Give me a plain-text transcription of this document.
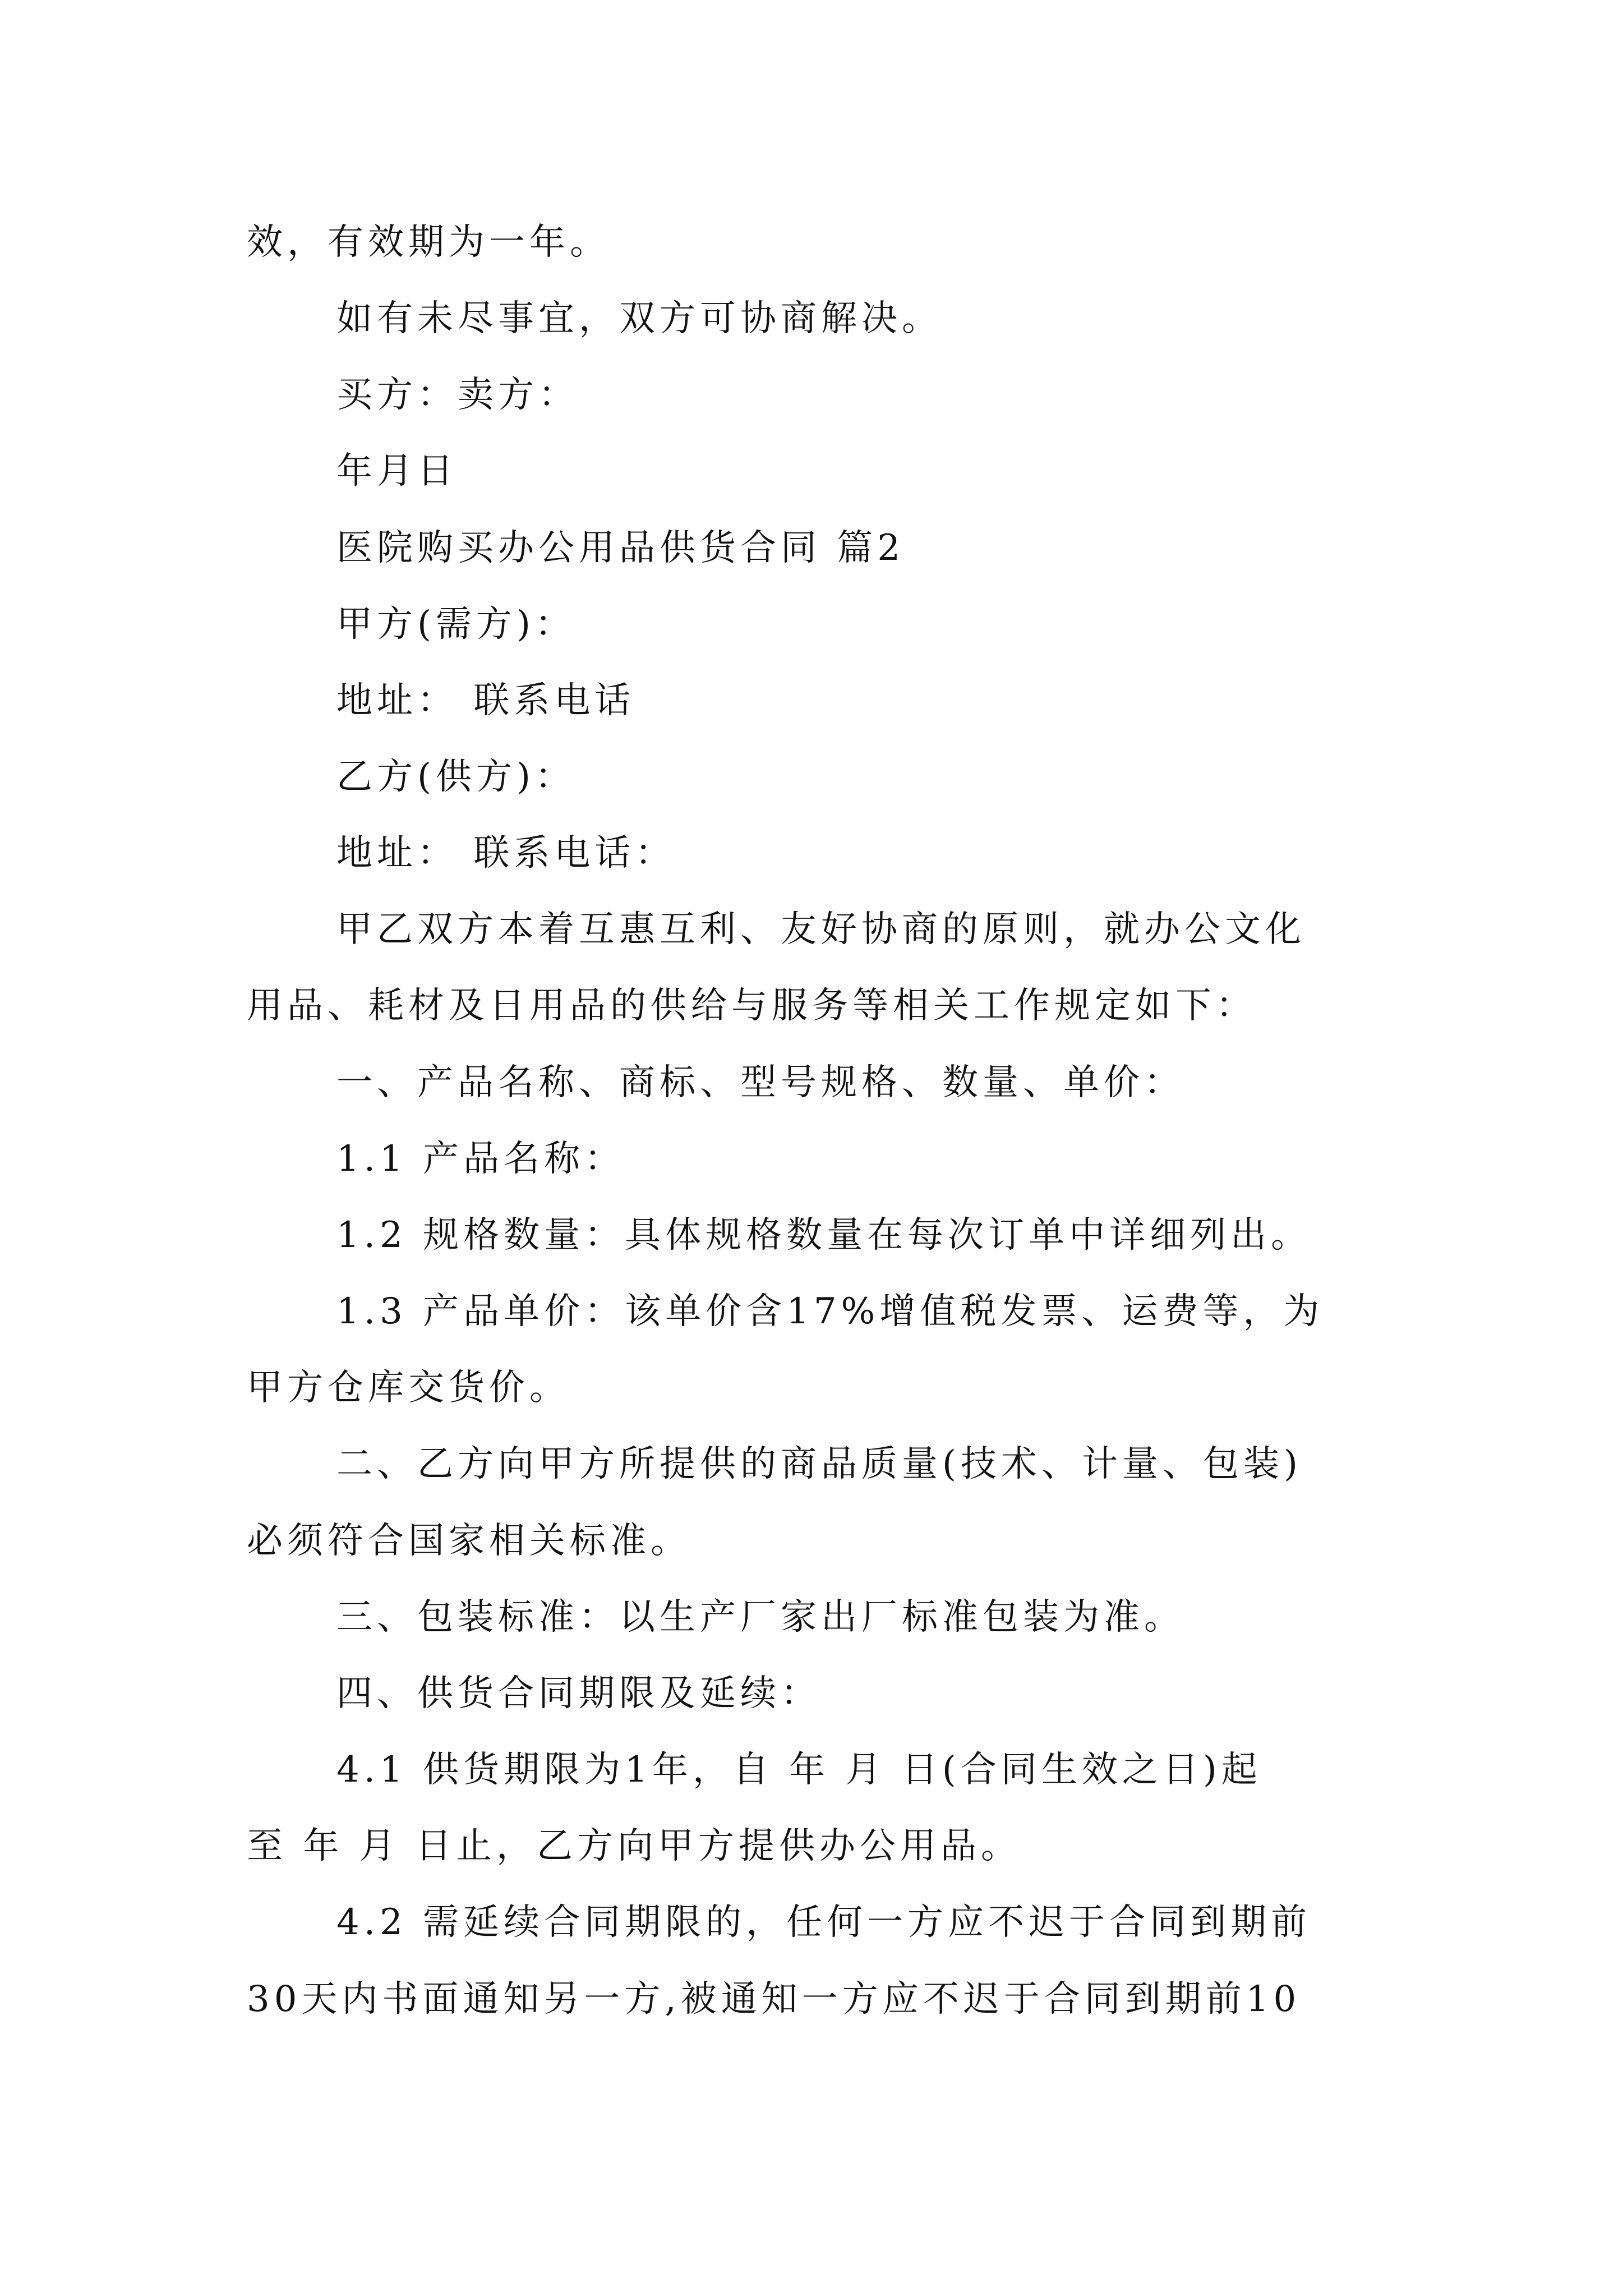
效，有效期为一年。
如有未尽事宜，双方可协商解决。
买方：卖方：
年月日
医院购买办公用品供货合同 篇2
甲方(需方)：
地址： 联系电话
乙方(供方)：
地址： 联系电话：
甲乙双方本着互惠互利、友好协商的原则，就办公文化
用品、耗材及日用品的供给与服务等相关工作规定如下：
一、产品名称、商标、型号规格、数量、单价：
1.1 产品名称：
1.2 规格数量：具体规格数量在每次订单中详细列出。
1.3 产品单价：该单价含17%增值税发票、运费等，为
甲方仓库交货价。
二、乙方向甲方所提供的商品质量(技术、计量、包装)
必须符合国家相关标准。
三、包装标准：以生产厂家出厂标准包装为准。
四、供货合同期限及延续：
4.1 供货期限为1年，自 年 月 日(合同生效之日)起
至 年 月 日止，乙方向甲方提供办公用品。
4.2 需延续合同期限的，任何一方应不迟于合同到期前
30天内书面通知另一方,被通知一方应不迟于合同到期前10
